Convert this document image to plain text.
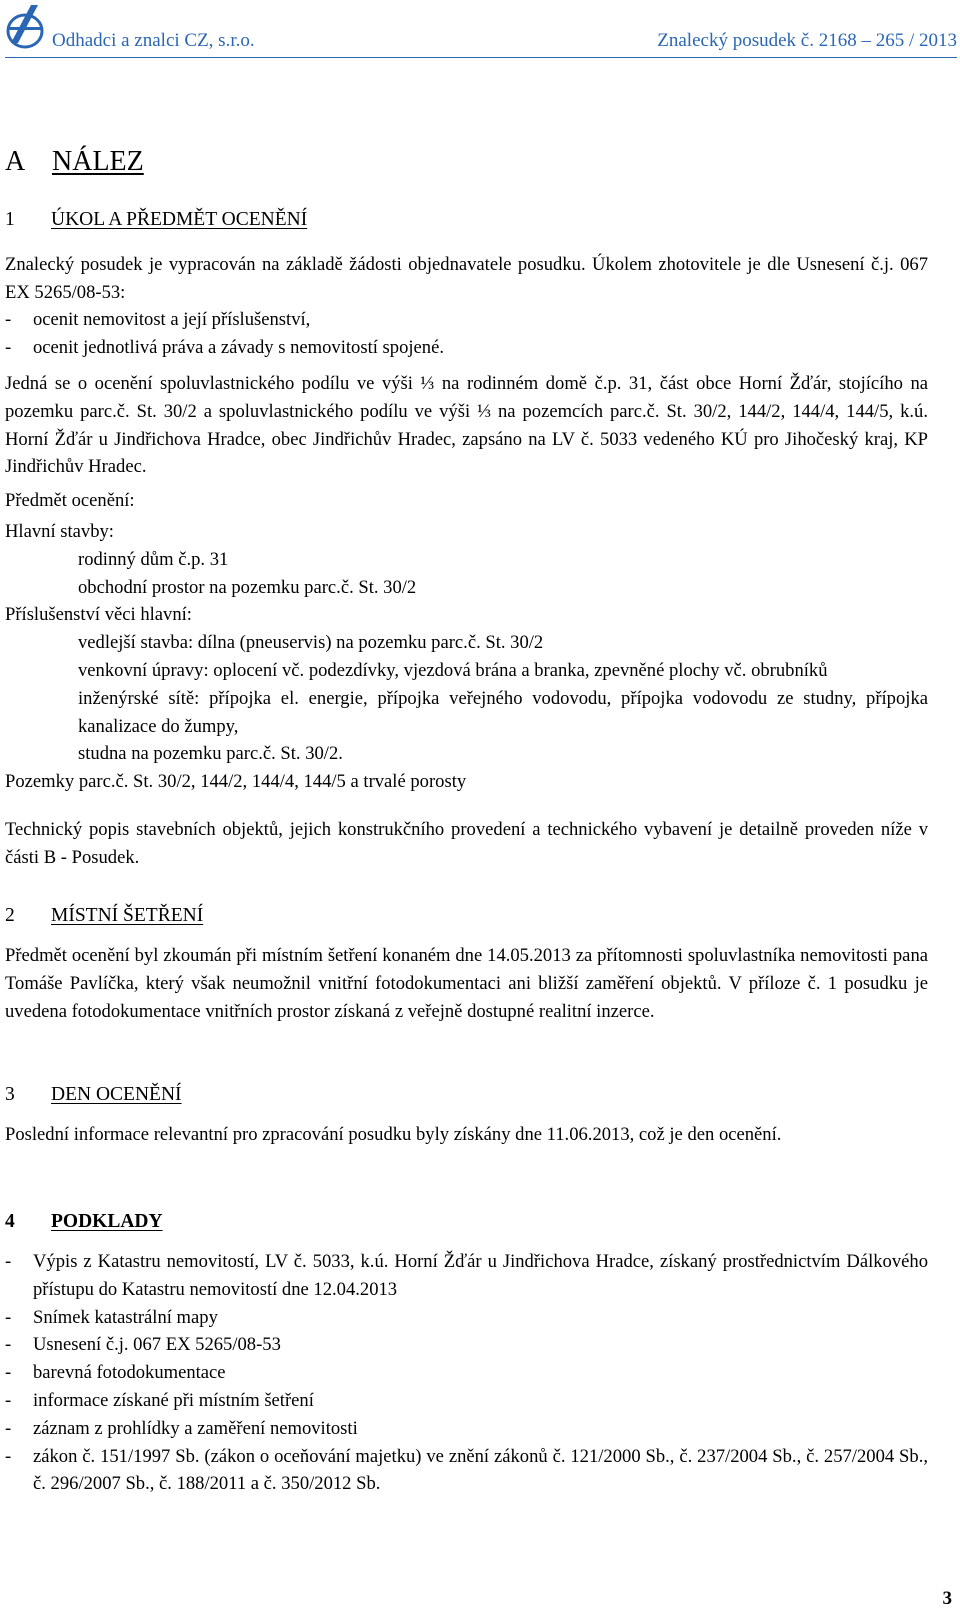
Odhadci a znalci CZ, s.r.o.	Znalecký posudek č. 2168 – 265 / 2013
A NÁLEZ
1 ÚKOL A PŘEDMĚT OCENĚNÍ

Znalecký posudek je vypracován na základě žádosti objednavatele posudku. Úkolem zhotovitele je dle Usnesení č.j. 067 EX 5265/08-53:

-	ocenit nemovitost a její příslušenství,
-	ocenit jednotlivá práva a závady s nemovitostí spojené.

Jedná se o ocenění spoluvlastnického podílu ve výši ⅓ na rodinném domě č.p. 31, část obce Horní Žďár, stojícího na pozemku parc.č. St. 30/2 a spoluvlastnického podílu ve výši ⅓ na pozemcích parc.č. St. 30/2, 144/2, 144/4, 144/5, k.ú. Horní Žďár u Jindřichova Hradce, obec Jindřichův Hradec, zapsáno na LV č. 5033 vedeného KÚ pro Jihočeský kraj, KP Jindřichův Hradec.

Předmět ocenění:
Hlavní stavby:
rodinný dům č.p. 31
obchodní prostor na pozemku parc.č. St. 30/2
Příslušenství věci hlavní:
vedlejší stavba: dílna (pneuservis) na pozemku parc.č. St. 30/2
venkovní úpravy: oplocení vč. podezdívky, vjezdová brána a branka, zpevněné plochy vč. obrubníků
inženýrské sítě: přípojka el. energie, přípojka veřejného vodovodu, přípojka vodovodu ze studny, přípojka kanalizace do žumpy,
studna na pozemku parc.č. St. 30/2.
Pozemky parc.č. St. 30/2, 144/2, 144/4, 144/5 a trvalé porosty

Technický popis stavebních objektů, jejich konstrukčního provedení a technického vybavení je detailně proveden níže v části B - Posudek.

2 MÍSTNÍ ŠETŘENÍ

Předmět ocenění byl zkoumán při místním šetření konaném dne 14.05.2013 za přítomnosti spoluvlastníka nemovitosti pana Tomáše Pavlíčka, který však neumožnil vnitřní fotodokumentaci ani bližší zaměření objektů. V příloze č. 1 posudku je uvedena fotodokumentace vnitřních prostor získaná z veřejně dostupné realitní inzerce.

3 DEN OCENĚNÍ

Poslední informace relevantní pro zpracování posudku byly získány dne 11.06.2013, což je den ocenění.

4 PODKLADY
-	Výpis z Katastru nemovitostí, LV č. 5033, k.ú. Horní Žďár u Jindřichova Hradce, získaný prostřednictvím Dálkového přístupu do Katastru nemovitostí dne 12.04.2013
-	Snímek katastrální mapy
-	Usnesení č.j. 067 EX 5265/08-53
-	barevná fotodokumentace
-	informace získané při místním šetření
-	záznam z prohlídky a zaměření nemovitosti
-	zákon č. 151/1997 Sb. (zákon o oceňování majetku) ve znění zákonů č. 121/2000 Sb., č. 237/2004 Sb., č. 257/2004 Sb., č. 296/2007 Sb., č. 188/2011 a č. 350/2012 Sb.
3
